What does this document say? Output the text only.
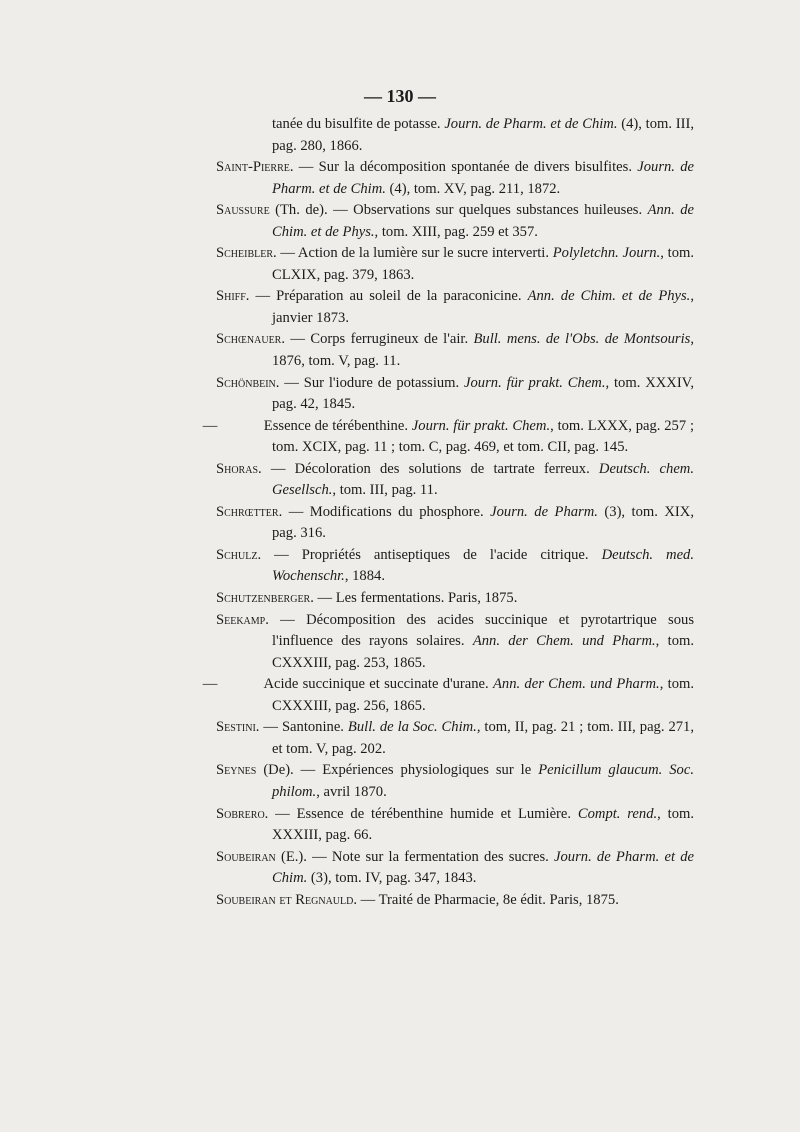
— 130 —

tanée du bisulfite de potasse. Journ. de Pharm. et de Chim. (4), tom. III, pag. 280, 1866.

Saint-Pierre. — Sur la décomposition spontanée de divers bisulfites. Journ. de Pharm. et de Chim. (4), tom. XV, pag. 211, 1872.

Saussure (Th. de). — Observations sur quelques substances huileuses. Ann. de Chim. et de Phys., tom. XIII, pag. 259 et 357.

Scheibler. — Action de la lumière sur le sucre interverti. Polyletchn. Journ., tom. CLXIX, pag. 379, 1863.

Shiff. — Préparation au soleil de la paraconicine. Ann. de Chim. et de Phys., janvier 1873.

Schœnauer. — Corps ferrugineux de l'air. Bull. mens. de l'Obs. de Montsouris, 1876, tom. V, pag. 11.

Schönbein. — Sur l'iodure de potassium. Journ. für prakt. Chem., tom. XXXIV, pag. 42, 1845.

—	Essence de térébenthine. Journ. für prakt. Chem., tom. LXXX, pag. 257 ; tom. XCIX, pag. 11 ; tom. C, pag. 469, et tom. CII, pag. 145.

Shoras. — Décoloration des solutions de tartrate ferreux. Deutsch. chem. Gesellsch., tom. III, pag. 11.

Schrœtter. — Modifications du phosphore. Journ. de Pharm. (3), tom. XIX, pag. 316.

Schulz. — Propriétés antiseptiques de l'acide citrique. Deutsch. med. Wochenschr., 1884.

Schutzenberger. — Les fermentations. Paris, 1875.

Seekamp. — Décomposition des acides succinique et pyrotartrique sous l'influence des rayons solaires. Ann. der Chem. und Pharm., tom. CXXXIII, pag. 253, 1865.

—	Acide succinique et succinate d'urane. Ann. der Chem. und Pharm., tom. CXXXIII, pag. 256, 1865.

Sestini. — Santonine. Bull. de la Soc. Chim., tom, II, pag. 21 ; tom. III, pag. 271, et tom. V, pag. 202.

Seynes (De). — Expériences physiologiques sur le Penicillum glaucum. Soc. philom., avril 1870.

Sobrero. — Essence de térébenthine humide et Lumière. Compt. rend., tom. XXXIII, pag. 66.

Soubeiran (E.). — Note sur la fermentation des sucres. Journ. de Pharm. et de Chim. (3), tom. IV, pag. 347, 1843.

Soubeiran et Regnauld. — Traité de Pharmacie, 8e édit. Paris, 1875.
